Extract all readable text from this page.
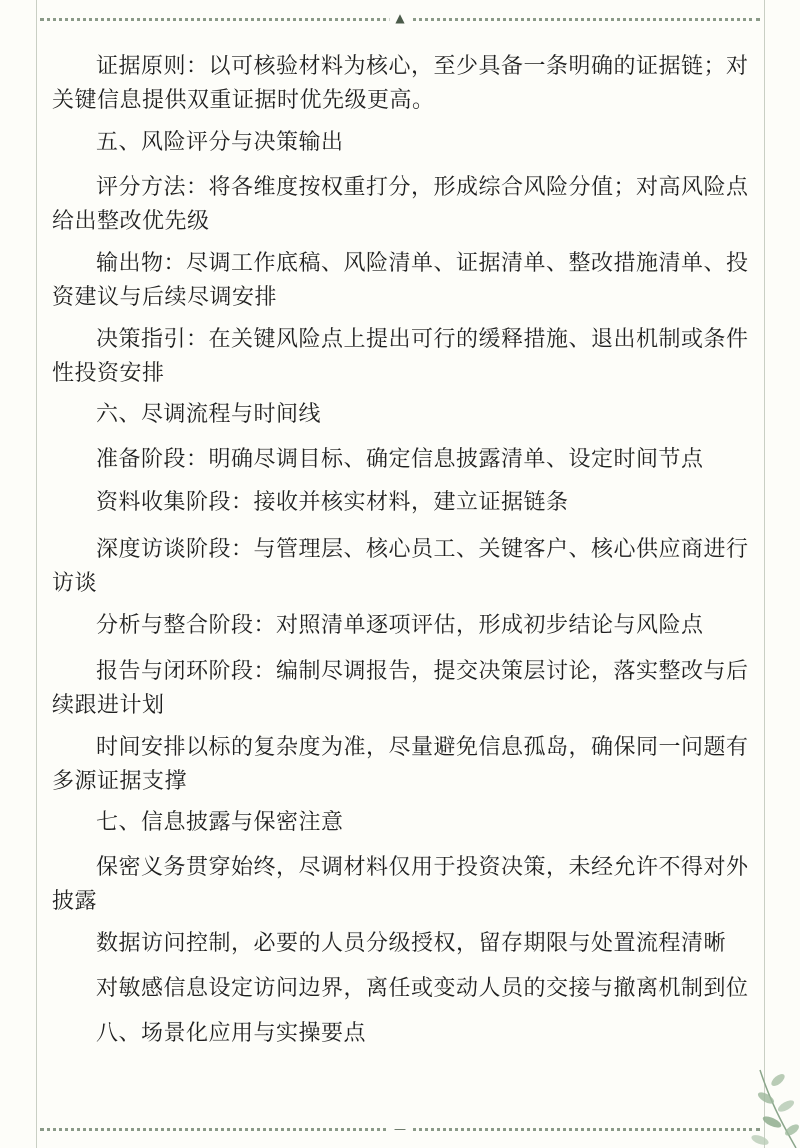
▲
—

证据原则：以可核验材料为核心，至少具备一条明确的证据链；对关键信息提供双重证据时优先级更高。

五、风险评分与决策输出

评分方法：将各维度按权重打分，形成综合风险分值；对高风险点给出整改优先级

输出物：尽调工作底稿、风险清单、证据清单、整改措施清单、投资建议与后续尽调安排

决策指引：在关键风险点上提出可行的缓释措施、退出机制或条件性投资安排

六、尽调流程与时间线

准备阶段：明确尽调目标、确定信息披露清单、设定时间节点

资料收集阶段：接收并核实材料，建立证据链条

深度访谈阶段：与管理层、核心员工、关键客户、核心供应商进行访谈

分析与整合阶段：对照清单逐项评估，形成初步结论与风险点

报告与闭环阶段：编制尽调报告，提交决策层讨论，落实整改与后续跟进计划

时间安排以标的复杂度为准，尽量避免信息孤岛，确保同一问题有多源证据支撑

七、信息披露与保密注意

保密义务贯穿始终，尽调材料仅用于投资决策，未经允许不得对外披露

数据访问控制，必要的人员分级授权，留存期限与处置流程清晰

对敏感信息设定访问边界，离任或变动人员的交接与撤离机制到位

八、场景化应用与实操要点
